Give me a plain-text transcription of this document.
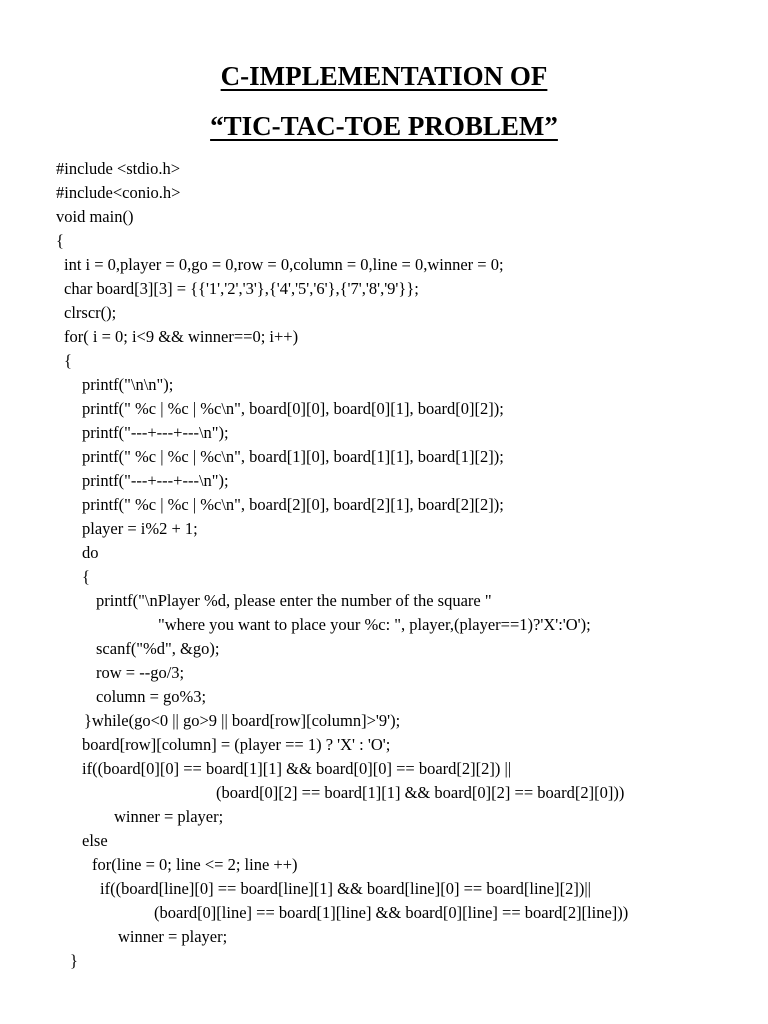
C-IMPLEMENTATION OF
“TIC-TAC-TOE PROBLEM”
#include <stdio.h>
#include<conio.h>
void main()
{
int i = 0,player = 0,go = 0,row = 0,column = 0,line = 0,winner = 0;
char board[3][3] = {{'1','2','3'},{'4','5','6'},{'7','8','9'}};
clrscr();
for( i = 0; i<9 && winner==0; i++)
{
printf("\n\n");
printf(" %c | %c | %c\n", board[0][0], board[0][1], board[0][2]);
printf("---+---+---\n");
printf(" %c | %c | %c\n", board[1][0], board[1][1], board[1][2]);
printf("---+---+---\n");
printf(" %c | %c | %c\n", board[2][0], board[2][1], board[2][2]);
player = i%2 + 1;
do
{
printf("\nPlayer %d, please enter the number of the square "
"where you want to place your %c: ", player,(player==1)?'X':'O');
scanf("%d", &go);
row = --go/3;
column = go%3;
}while(go<0 || go>9 || board[row][column]>'9');
board[row][column] = (player == 1) ? 'X' : 'O';
if((board[0][0] == board[1][1] && board[0][0] == board[2][2]) ||
(board[0][2] == board[1][1] && board[0][2] == board[2][0]))
winner = player;
else
for(line = 0; line <= 2; line ++)
if((board[line][0] == board[line][1] && board[line][0] == board[line][2])||
(board[0][line] == board[1][line] && board[0][line] == board[2][line]))
winner = player;
}
